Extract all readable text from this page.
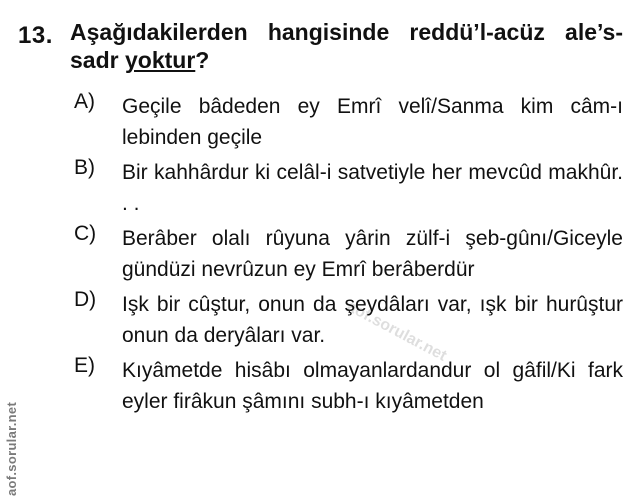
13. Aşağıdakilerden hangisinde reddü’l-acüz ale’s-sadr yoktur?
A) Geçile bâdeden ey Emrî velî/Sanma kim câm-ı lebinden geçile
B) Bir kahhârdur ki celâl-i satvetiyle her mevcûd makhûr. . .
C) Berâber olalı rûyuna yârin zülf-i şeb-gûnı/Giceyle gündüzi nevrûzun ey Emrî berâberdür
D) Işk bir cûştur, onun da şeydâları var, ışk bir hurûştur onun da deryâları var.
E) Kıyâmetde hisâbı olmayanlardandur ol gâfil/Ki fark eyler firâkun şâmını subh-ı kıyâmetden
aof.sorular.net
aof.sorular.net
